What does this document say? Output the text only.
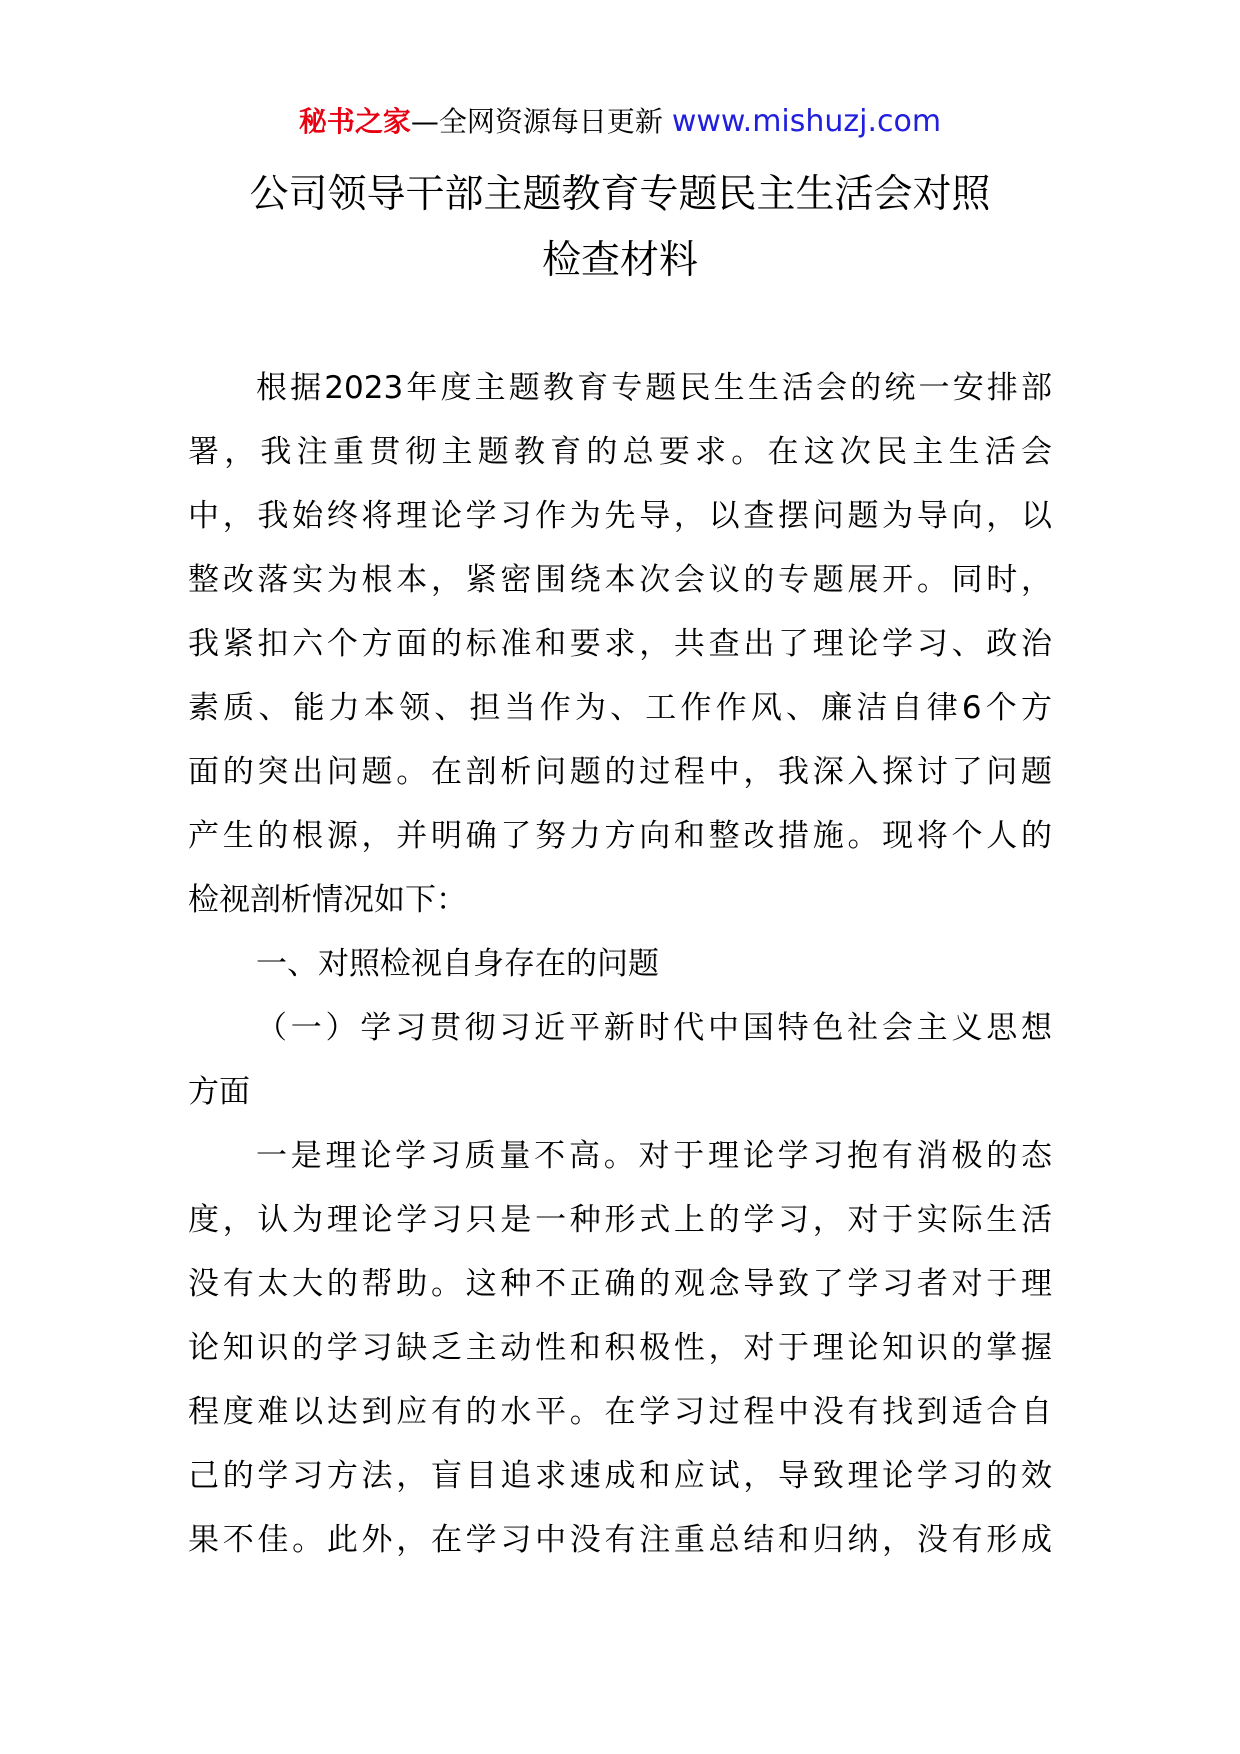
秘书之家—全网资源每日更新 www.mishuzj.com
公司领导干部主题教育专题民主生活会对照
检查材料
根据2023年度主题教育专题民生生活会的统一安排部
署，我注重贯彻主题教育的总要求。在这次民主生活会
中，我始终将理论学习作为先导，以查摆问题为导向，以
整改落实为根本，紧密围绕本次会议的专题展开。同时，
我紧扣六个方面的标准和要求，共查出了理论学习、政治
素质、能力本领、担当作为、工作作风、廉洁自律6个方
面的突出问题。在剖析问题的过程中，我深入探讨了问题
产生的根源，并明确了努力方向和整改措施。现将个人的
检视剖析情况如下：
一、对照检视自身存在的问题
（一）学习贯彻习近平新时代中国特色社会主义思想
方面
一是理论学习质量不高。对于理论学习抱有消极的态
度，认为理论学习只是一种形式上的学习，对于实际生活
没有太大的帮助。这种不正确的观念导致了学习者对于理
论知识的学习缺乏主动性和积极性，对于理论知识的掌握
程度难以达到应有的水平。在学习过程中没有找到适合自
己的学习方法，盲目追求速成和应试，导致理论学习的效
果不佳。此外，在学习中没有注重总结和归纳，没有形成
